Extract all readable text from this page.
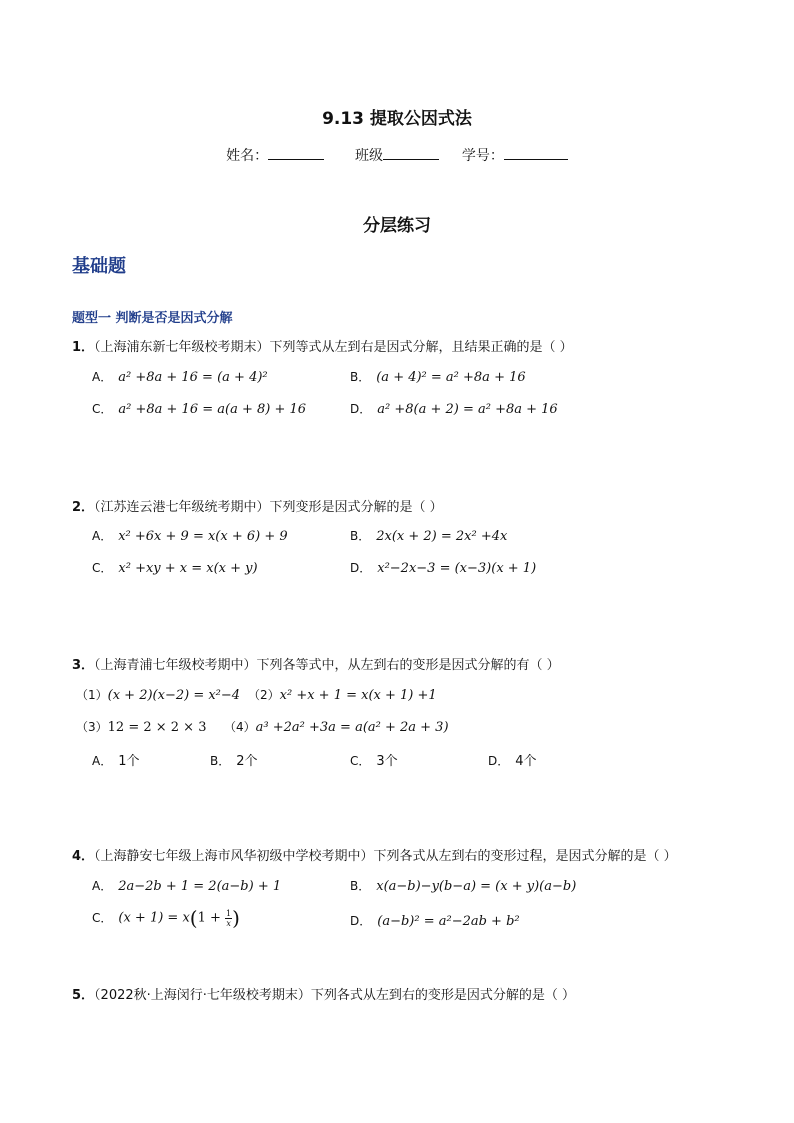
9.13 提取公因式法
姓名：	班级	学号：
分层练习
基础题
题型一 判断是否是因式分解
1．（上海浦东新七年级校考期末）下列等式从左到右是因式分解，且结果正确的是（ ）
A． a² +8a + 16 = (a + 4)²	B． (a + 4)² = a² +8a + 16
C． a² +8a + 16 = a(a + 8) + 16	D． a² +8(a + 2) = a² +8a + 16
2．（江苏连云港七年级统考期中）下列变形是因式分解的是（ ）
A． x² +6x + 9 = x(x + 6) + 9	B． 2x(x + 2) = 2x² +4x
C． x² +xy + x = x(x + y)	D． x²−2x−3 = (x−3)(x + 1)
3．（上海青浦七年级校考期中）下列各等式中，从左到右的变形是因式分解的有（ ）
（1）(x + 2)(x−2) = x²−4 （2）x² +x + 1 = x(x + 1) +1
（3）12 = 2 × 2 × 3 （4）a³ +2a² +3a = a(a² + 2a + 3)
A． 1个	B． 2个	C． 3个	D． 4个
4．（上海静安七年级上海市风华初级中学校考期中）下列各式从左到右的变形过程，是因式分解的是（ ）
A． 2a−2b + 1 = 2(a−b) + 1	B． x(a−b)−y(b−a) = (x + y)(a−b)
C． $(x + 1) = x(1 + \frac{1}{x}$ )	D． (a−b)² = a²−2ab + b²
5．（2022秋·上海闵行·七年级校考期末）下列各式从左到右的变形是因式分解的是（ ）
